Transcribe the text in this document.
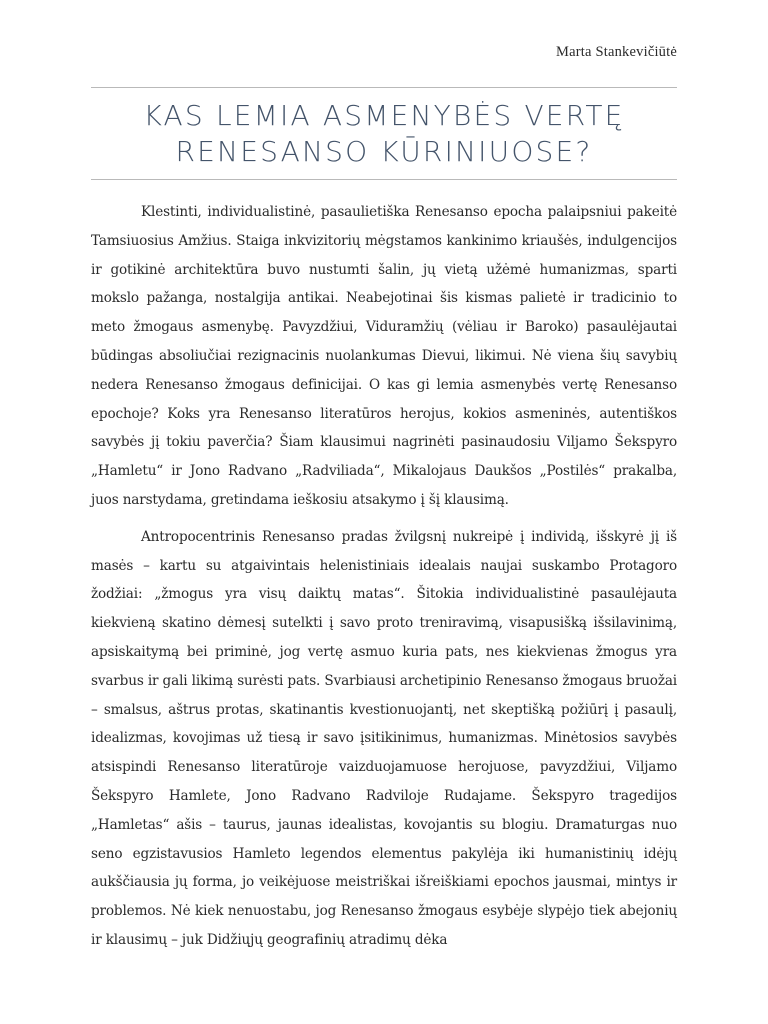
Marta Stankevičiūtė
KAS LEMIA ASMENYBĖS VERTĘ
RENESANSO KŪRINIUOSE?

Klestinti, individualistinė, pasaulietiška Renesanso epocha palaipsniui pakeitė Tamsiuosius Amžius. Staiga inkvizitorių mėgstamos kankinimo kriaušės, indulgencijos ir gotikinė architektūra buvo nustumti šalin, jų vietą užėmė humanizmas, sparti mokslo pažanga, nostalgija antikai. Neabejotinai šis kismas palietė ir tradicinio to meto žmogaus asmenybę. Pavyzdžiui, Viduramžių (vėliau ir Baroko) pasaulėjautai būdingas absoliučiai rezignacinis nuolankumas Dievui, likimui. Nė viena šių savybių nedera Renesanso žmogaus definicijai. O kas gi lemia asmenybės vertę Renesanso epochoje? Koks yra Renesanso literatūros herojus, kokios asmeninės, autentiškos savybės jį tokiu paverčia? Šiam klausimui nagrinėti pasinaudosiu Viljamo Šekspyro „Hamletu“ ir Jono Radvano „Radviliada“, Mikalojaus Daukšos „Postilės“ prakalba, juos narstydama, gretindama ieškosiu atsakymo į šį klausimą.

Antropocentrinis Renesanso pradas žvilgsnį nukreipė į individą, išskyrė jį iš masės – kartu su atgaivintais helenistiniais idealais naujai suskambo Protagoro žodžiai: „žmogus yra visų daiktų matas“. Šitokia individualistinė pasaulėjauta kiekvieną skatino dėmesį sutelkti į savo proto treniravimą, visapusišką išsilavinimą, apsiskaitymą bei priminė, jog vertę asmuo kuria pats, nes kiekvienas žmogus yra svarbus ir gali likimą surėsti pats. Svarbiausi archetipinio Renesanso žmogaus bruožai – smalsus, aštrus protas, skatinantis kvestionuojantį, net skeptišką požiūrį į pasaulį, idealizmas, kovojimas už tiesą ir savo įsitikinimus, humanizmas. Minėtosios savybės atsispindi Renesanso literatūroje vaizduojamuose herojuose, pavyzdžiui, Viljamo Šekspyro Hamlete, Jono Radvano Radviloje Rudajame. Šekspyro tragedijos „Hamletas“ ašis – taurus, jaunas idealistas, kovojantis su blogiu. Dramaturgas nuo seno egzistavusios Hamleto legendos elementus pakylėja iki humanistinių idėjų aukščiausia jų forma, jo veikėjuose meistriškai išreiškiami epochos jausmai, mintys ir problemos. Nė kiek nenuostabu, jog Renesanso žmogaus esybėje slypėjo tiek abejonių ir klausimų – juk Didžiųjų geografinių atradimų dėka
